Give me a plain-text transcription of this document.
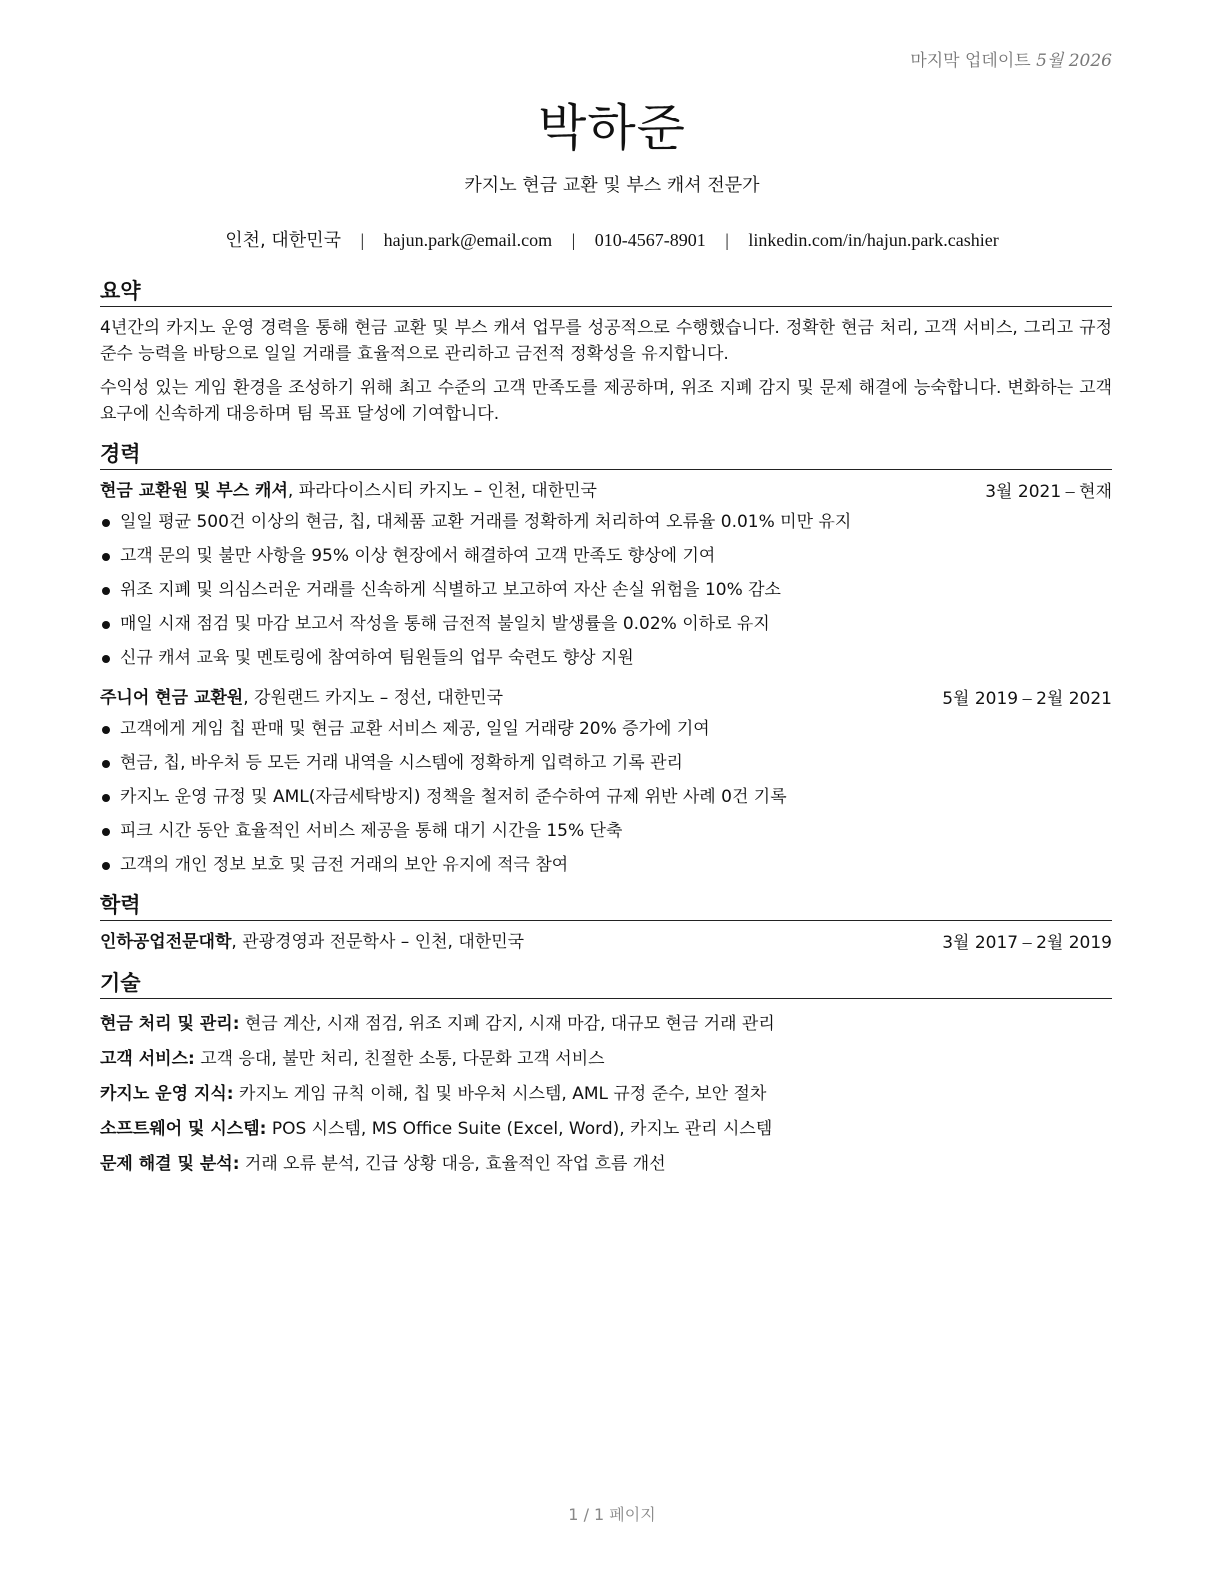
마지막 업데이트 5월 2026
박하준
카지노 현금 교환 및 부스 캐셔 전문가
인천, 대한민국 | hajun.park@email.com | 010-4567-8901 | linkedin.com/in/hajun.park.cashier
요약
4년간의 카지노 운영 경력을 통해 현금 교환 및 부스 캐셔 업무를 성공적으로 수행했습니다. 정확한 현금 처리, 고객 서비스, 그리고 규정 준수 능력을 바탕으로 일일 거래를 효율적으로 관리하고 금전적 정확성을 유지합니다.
수익성 있는 게임 환경을 조성하기 위해 최고 수준의 고객 만족도를 제공하며, 위조 지폐 감지 및 문제 해결에 능숙합니다. 변화하는 고객 요구에 신속하게 대응하며 팀 목표 달성에 기여합니다.
경력
현금 교환원 및 부스 캐셔, 파라다이스시티 카지노 – 인천, 대한민국	3월 2021 – 현재
일일 평균 500건 이상의 현금, 칩, 대체품 교환 거래를 정확하게 처리하여 오류율 0.01% 미만 유지
고객 문의 및 불만 사항을 95% 이상 현장에서 해결하여 고객 만족도 향상에 기여
위조 지폐 및 의심스러운 거래를 신속하게 식별하고 보고하여 자산 손실 위험을 10% 감소
매일 시재 점검 및 마감 보고서 작성을 통해 금전적 불일치 발생률을 0.02% 이하로 유지
신규 캐셔 교육 및 멘토링에 참여하여 팀원들의 업무 숙련도 향상 지원
주니어 현금 교환원, 강원랜드 카지노 – 정선, 대한민국	5월 2019 – 2월 2021
고객에게 게임 칩 판매 및 현금 교환 서비스 제공, 일일 거래량 20% 증가에 기여
현금, 칩, 바우처 등 모든 거래 내역을 시스템에 정확하게 입력하고 기록 관리
카지노 운영 규정 및 AML(자금세탁방지) 정책을 철저히 준수하여 규제 위반 사례 0건 기록
피크 시간 동안 효율적인 서비스 제공을 통해 대기 시간을 15% 단축
고객의 개인 정보 보호 및 금전 거래의 보안 유지에 적극 참여
학력
인하공업전문대학, 관광경영과 전문학사 – 인천, 대한민국	3월 2017 – 2월 2019
기술
현금 처리 및 관리: 현금 계산, 시재 점검, 위조 지폐 감지, 시재 마감, 대규모 현금 거래 관리
고객 서비스: 고객 응대, 불만 처리, 친절한 소통, 다문화 고객 서비스
카지노 운영 지식: 카지노 게임 규칙 이해, 칩 및 바우처 시스템, AML 규정 준수, 보안 절차
소프트웨어 및 시스템: POS 시스템, MS Office Suite (Excel, Word), 카지노 관리 시스템
문제 해결 및 분석: 거래 오류 분석, 긴급 상황 대응, 효율적인 작업 흐름 개선
1 / 1 페이지
